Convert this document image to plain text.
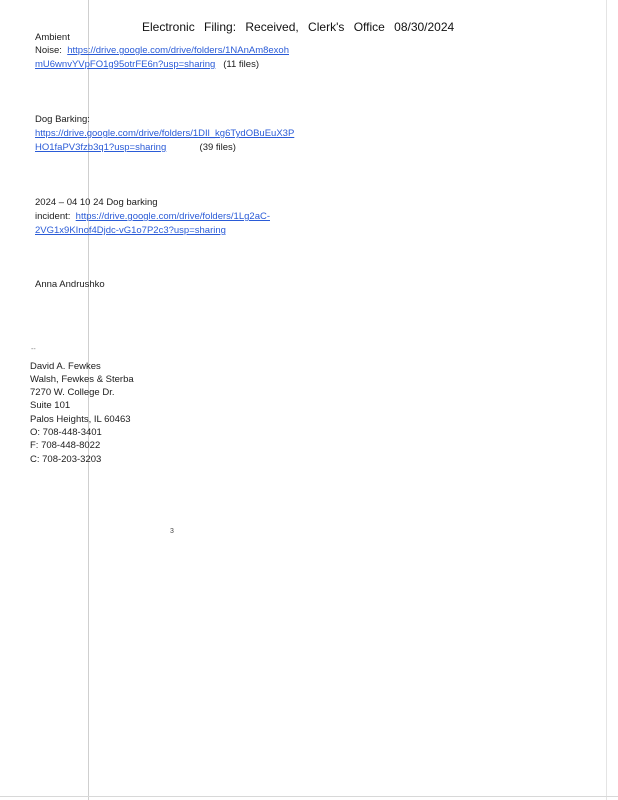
Electronic Filing: Received, Clerk's Office 08/30/2024
Ambient
Noise: https://drive.google.com/drive/folders/1NAnAm8exoh
mU6wnvYVpFO1g95otrFE6n?usp=sharing (11 files)
Dog Barking:
https://drive.google.com/drive/folders/1DIl_kg6TydOBuEuX3P
HO1faPV3fzb3q1?usp=sharing	(39 files)
2024 – 04 10 24 Dog barking
incident: https://drive.google.com/drive/folders/1Lg2aC-
2VG1x9KInof4Djdc-vG1o7P2c3?usp=sharing
Anna Andrushko
--
David A. Fewkes
Walsh, Fewkes & Sterba
7270 W. College Dr.
Suite 101
Palos Heights, IL 60463
O: 708-448-3401
F: 708-448-8022
C: 708-203-3203
3
